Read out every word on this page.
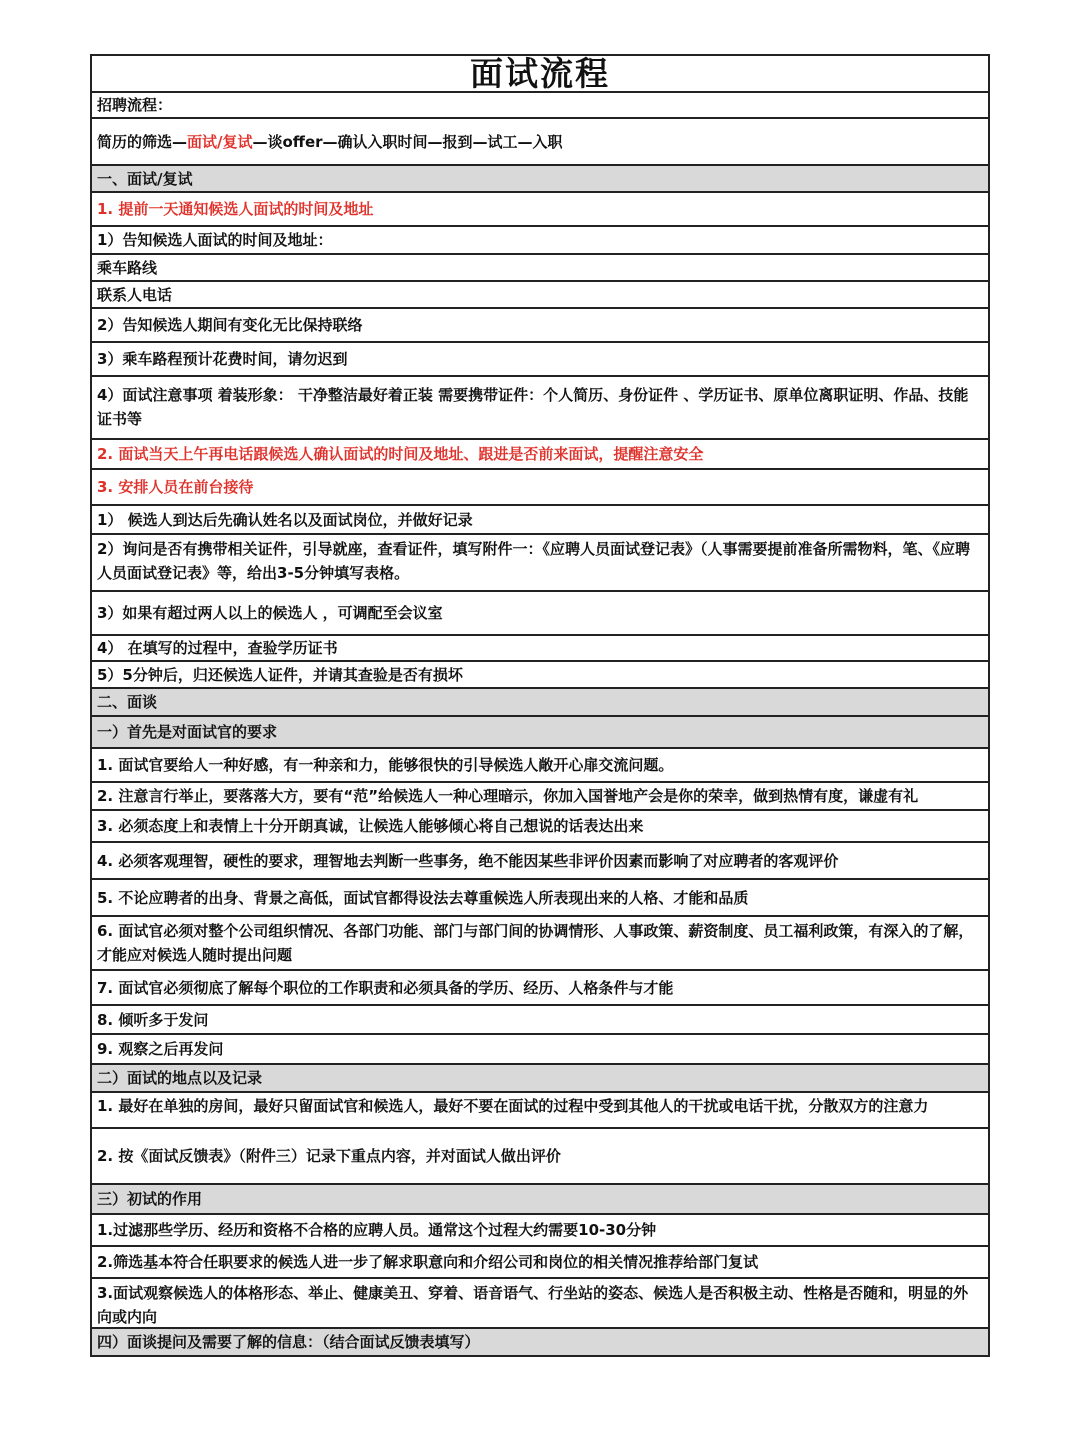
面试流程
招聘流程：
简历的筛选— 面试/复试 —谈offer—确认入职时间—报到—试工—入职
一、面试/复试
1. 提前一天通知候选人面试的时间及地址
1）告知候选人面试的时间及地址：
乘车路线
联系人电话
2）告知候选人期间有变化无比保持联络
3）乘车路程预计花费时间，请勿迟到
4）面试注意事项 着装形象： 干净整洁最好着正装 需要携带证件：个人简历、身份证件 、学历证书、原单位离职证明、作品、技能证书等
2. 面试当天上午再电话跟候选人确认面试的时间及地址、跟进是否前来面试，提醒注意安全
3. 安排人员在前台接待
1） 候选人到达后先确认姓名以及面试岗位，并做好记录
2）询问是否有携带相关证件，引导就座，查看证件，填写附件一：《应聘人员面试登记表》（人事需要提前准备所需物料，笔、《应聘人员面试登记表》等，给出3-5分钟填写表格。
3）如果有超过两人以上的候选人 ，可调配至会议室
4） 在填写的过程中，查验学历证书
5）5分钟后，归还候选人证件，并请其查验是否有损坏
二、面谈
一）首先是对面试官的要求
1. 面试官要给人一种好感，有一种亲和力，能够很快的引导候选人敞开心扉交流问题。
2. 注意言行举止，要落落大方，要有“范”给候选人一种心理暗示，你加入国誉地产会是你的荣幸，做到热情有度，谦虚有礼
3. 必须态度上和表情上十分开朗真诚，让候选人能够倾心将自己想说的话表达出来
4. 必须客观理智，硬性的要求，理智地去判断一些事务，绝不能因某些非评价因素而影响了对应聘者的客观评价
5. 不论应聘者的出身、背景之高低，面试官都得设法去尊重候选人所表现出来的人格、才能和品质
6. 面试官必须对整个公司组织情况、各部门功能、部门与部门间的协调情形、人事政策、薪资制度、员工福利政策，有深入的了解，才能应对候选人随时提出问题
7. 面试官必须彻底了解每个职位的工作职责和必须具备的学历、经历、人格条件与才能
8. 倾听多于发问
9. 观察之后再发问
二）面试的地点以及记录
1. 最好在单独的房间，最好只留面试官和候选人，最好不要在面试的过程中受到其他人的干扰或电话干扰，分散双方的注意力
2. 按《面试反馈表》（附件三）记录下重点内容，并对面试人做出评价
三）初试的作用
1.过滤那些学历、经历和资格不合格的应聘人员。通常这个过程大约需要10-30分钟
2.筛选基本符合任职要求的候选人进一步了解求职意向和介绍公司和岗位的相关情况推荐给部门复试
3.面试观察候选人的体格形态、举止、健康美丑、穿着、语音语气、行坐站的姿态、候选人是否积极主动、性格是否随和，明显的外向或内向
四）面谈提问及需要了解的信息：（结合面试反馈表填写）
